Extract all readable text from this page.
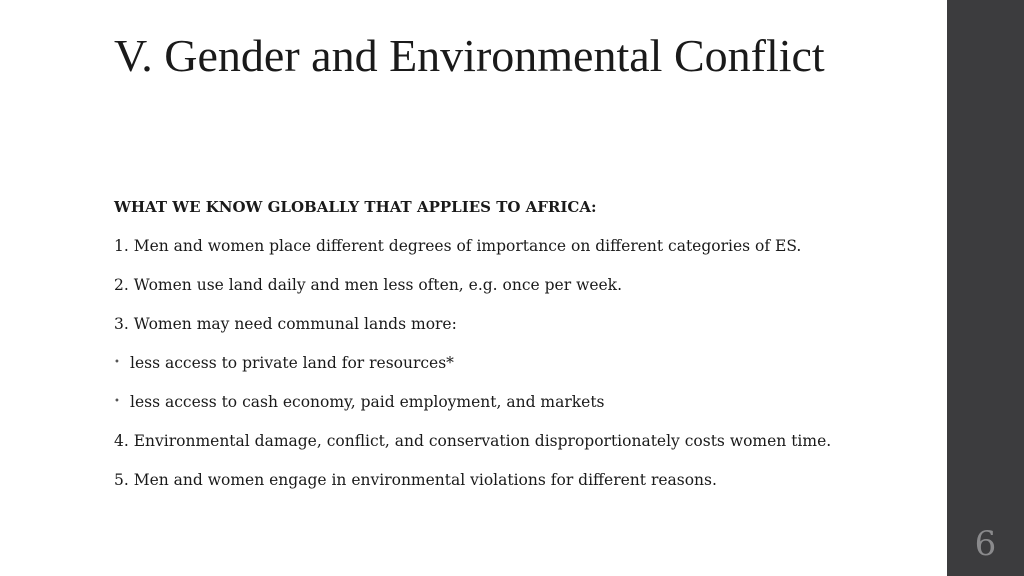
V. Gender and Environmental Conflict
WHAT WE KNOW GLOBALLY THAT APPLIES TO AFRICA:
1. Men and women place different degrees of importance on different categories of ES.
2. Women use land daily and men less often, e.g. once per week.
3. Women may need communal lands more:
• less access to private land for resources*
• less access to cash economy, paid employment, and markets
4. Environmental damage, conflict, and conservation disproportionately costs women time.
5. Men and women engage in environmental violations for different reasons.
6
